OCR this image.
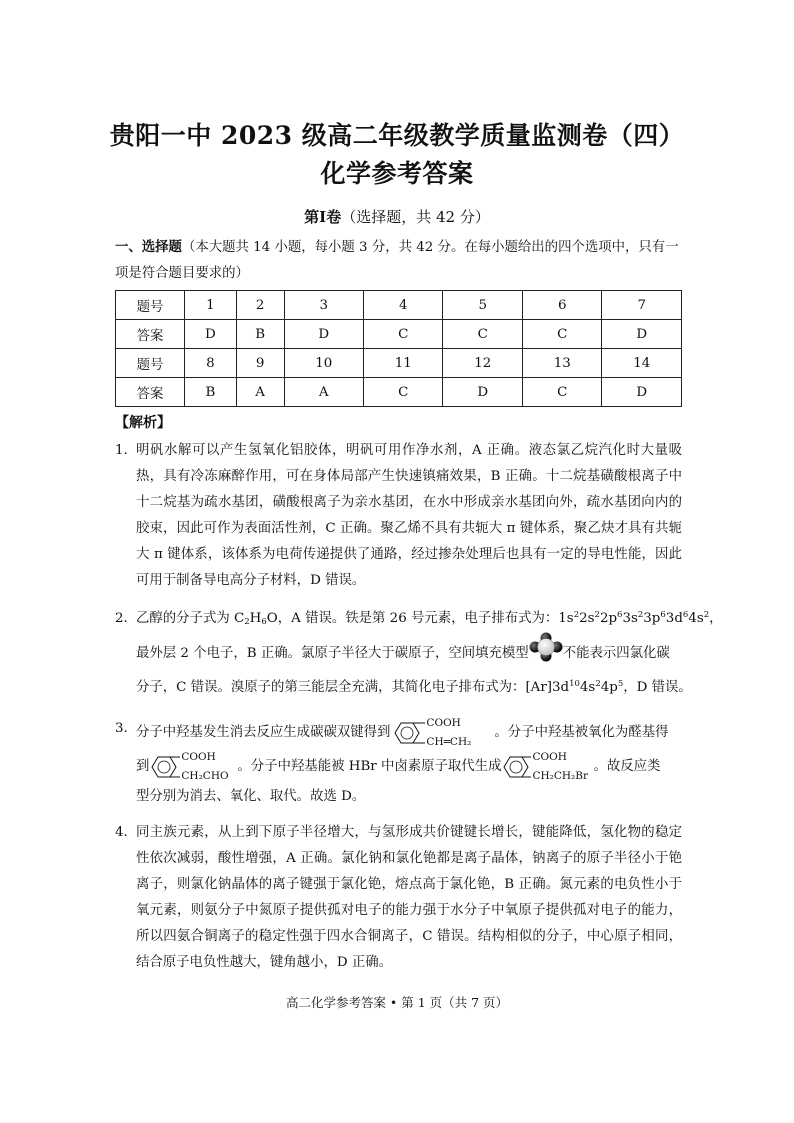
贵阳一中 2023 级高二年级教学质量监测卷（四）
化学参考答案
第Ⅰ卷（选择题，共 42 分）
一、选择题（本大题共 14 小题，每小题 3 分，共 42 分。在每小题给出的四个选项中，只有一项是符合题目要求的）
题号	1	2	3	4	5	6	7
答案	D	B	D	C	C	C	D
题号	8	9	10	11	12	13	14
答案	B	A	A	C	D	C	D
【解析】
1. 明矾水解可以产生氢氧化铝胶体，明矾可用作净水剂，A 正确。液态氯乙烷汽化时大量吸热，具有冷冻麻醉作用，可在身体局部产生快速镇痛效果，B 正确。十二烷基磺酸根离子中十二烷基为疏水基团，磺酸根离子为亲水基团，在水中形成亲水基团向外，疏水基团向内的胶束，因此可作为表面活性剂，C 正确。聚乙烯不具有共轭大 π 键体系，聚乙炔才具有共轭大 π 键体系，该体系为电荷传递提供了通路，经过掺杂处理后也具有一定的导电性能，因此可用于制备导电高分子材料，D 错误。
2. 乙醇的分子式为 $C_2H_6O$，A 错误。铁是第 26 号元素，电子排布式为：$1s^22s^22p^63s^23p^63d^64s^2$，
最外层 2 个电子，B 正确。氯原子半径大于碳原子，空间填充模型	不能表示四氯化碳
分子，C 错误。溴原子的第三能层全充满，其简化电子排布式为：$[Ar]3d^{10}4s^24p^5$，D 错误。
3. 分子中羟基发生消去反应生成碳碳双键得到
COOH
CH═CH₂
。分子中羟基被氧化为醛基得
到
COOH
CH₂CHO
。分子中羟基能被 HBr 中卤素原子取代生成
COOH
CH₂CH₂Br
。故反应类
型分别为消去、氧化、取代。故选 D。
4. 同主族元素，从上到下原子半径增大，与氢形成共价键键长增长，键能降低，氢化物的稳定性依次减弱，酸性增强，A 正确。氯化钠和氯化铯都是离子晶体，钠离子的原子半径小于铯离子，则氯化钠晶体的离子键强于氯化铯，熔点高于氯化铯，B 正确。氮元素的电负性小于氧元素，则氨分子中氮原子提供孤对电子的能力强于水分子中氧原子提供孤对电子的能力，所以四氨合铜离子的稳定性强于四水合铜离子，C 错误。结构相似的分子，中心原子相同，结合原子电负性越大，键角越小，D 正确。
高二化学参考答案 • 第 1 页（共 7 页）
